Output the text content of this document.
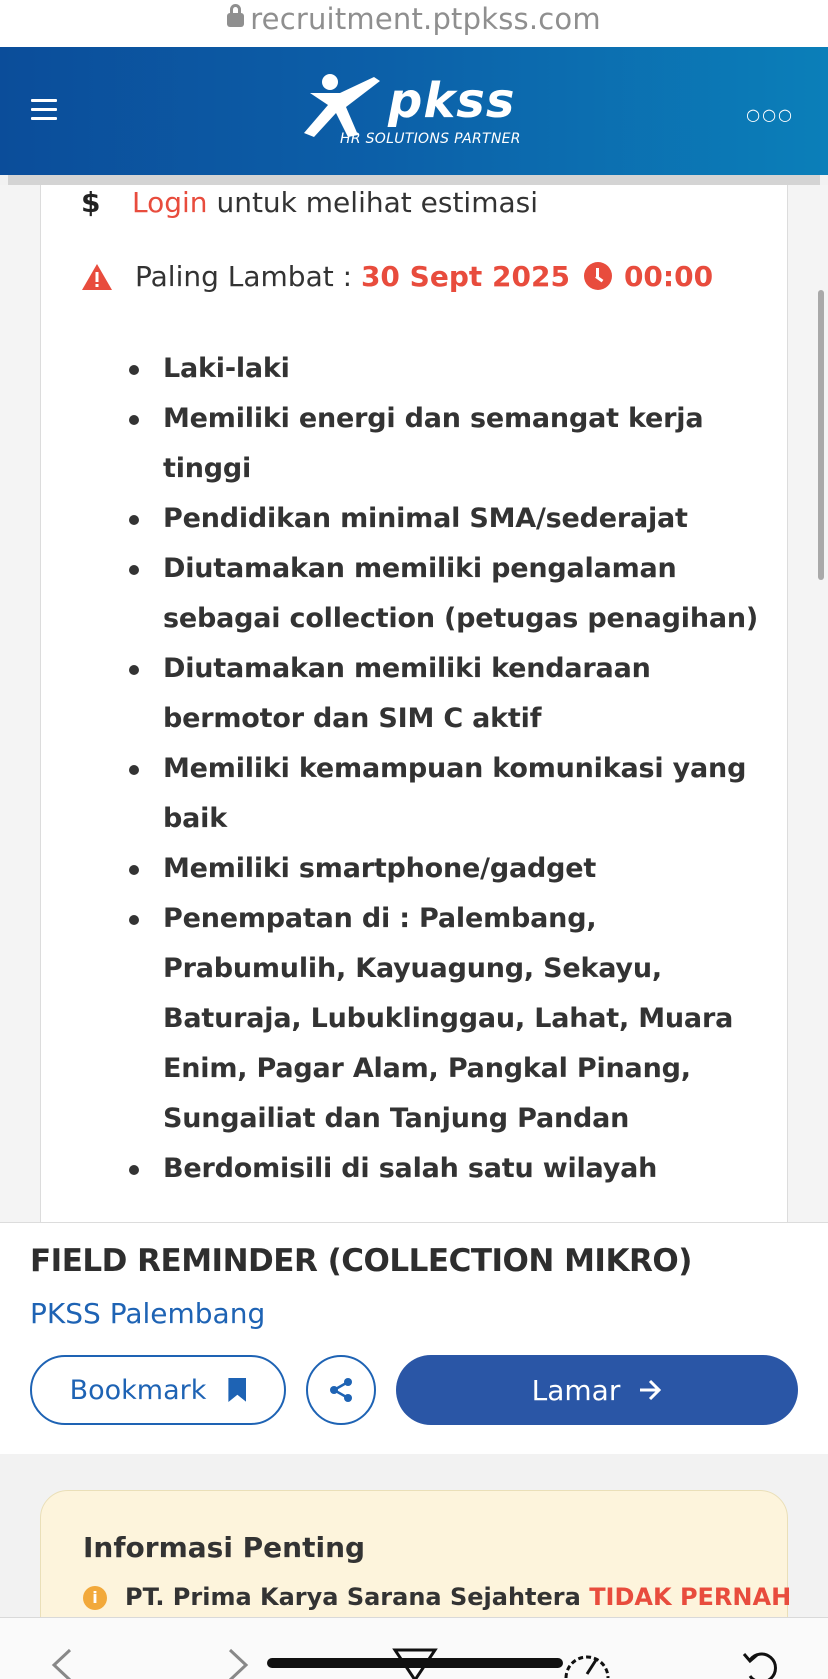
recruitment.ptpkss.com
pkss
HR SOLUTIONS PARTNER
○○○
$ Login untuk melihat estimasi
Paling Lambat : 30 Sept 2025 00:00
Laki-laki
Memiliki energi dan semangat kerja tinggi
Pendidikan minimal SMA/sederajat
Diutamakan memiliki pengalaman sebagai collection (petugas penagihan)
Diutamakan memiliki kendaraan bermotor dan SIM C aktif
Memiliki kemampuan komunikasi yang baik
Memiliki smartphone/gadget
Penempatan di : Palembang, Prabumulih, Kayuagung, Sekayu, Baturaja, Lubuklinggau, Lahat, Muara Enim, Pagar Alam, Pangkal Pinang, Sungailiat dan Tanjung Pandan
Berdomisili di salah satu wilayah
FIELD REMINDER (COLLECTION MIKRO)
PKSS Palembang
Bookmark	Lamar
Informasi Penting
i PT. Prima Karya Sarana Sejahtera TIDAK PERNAH
